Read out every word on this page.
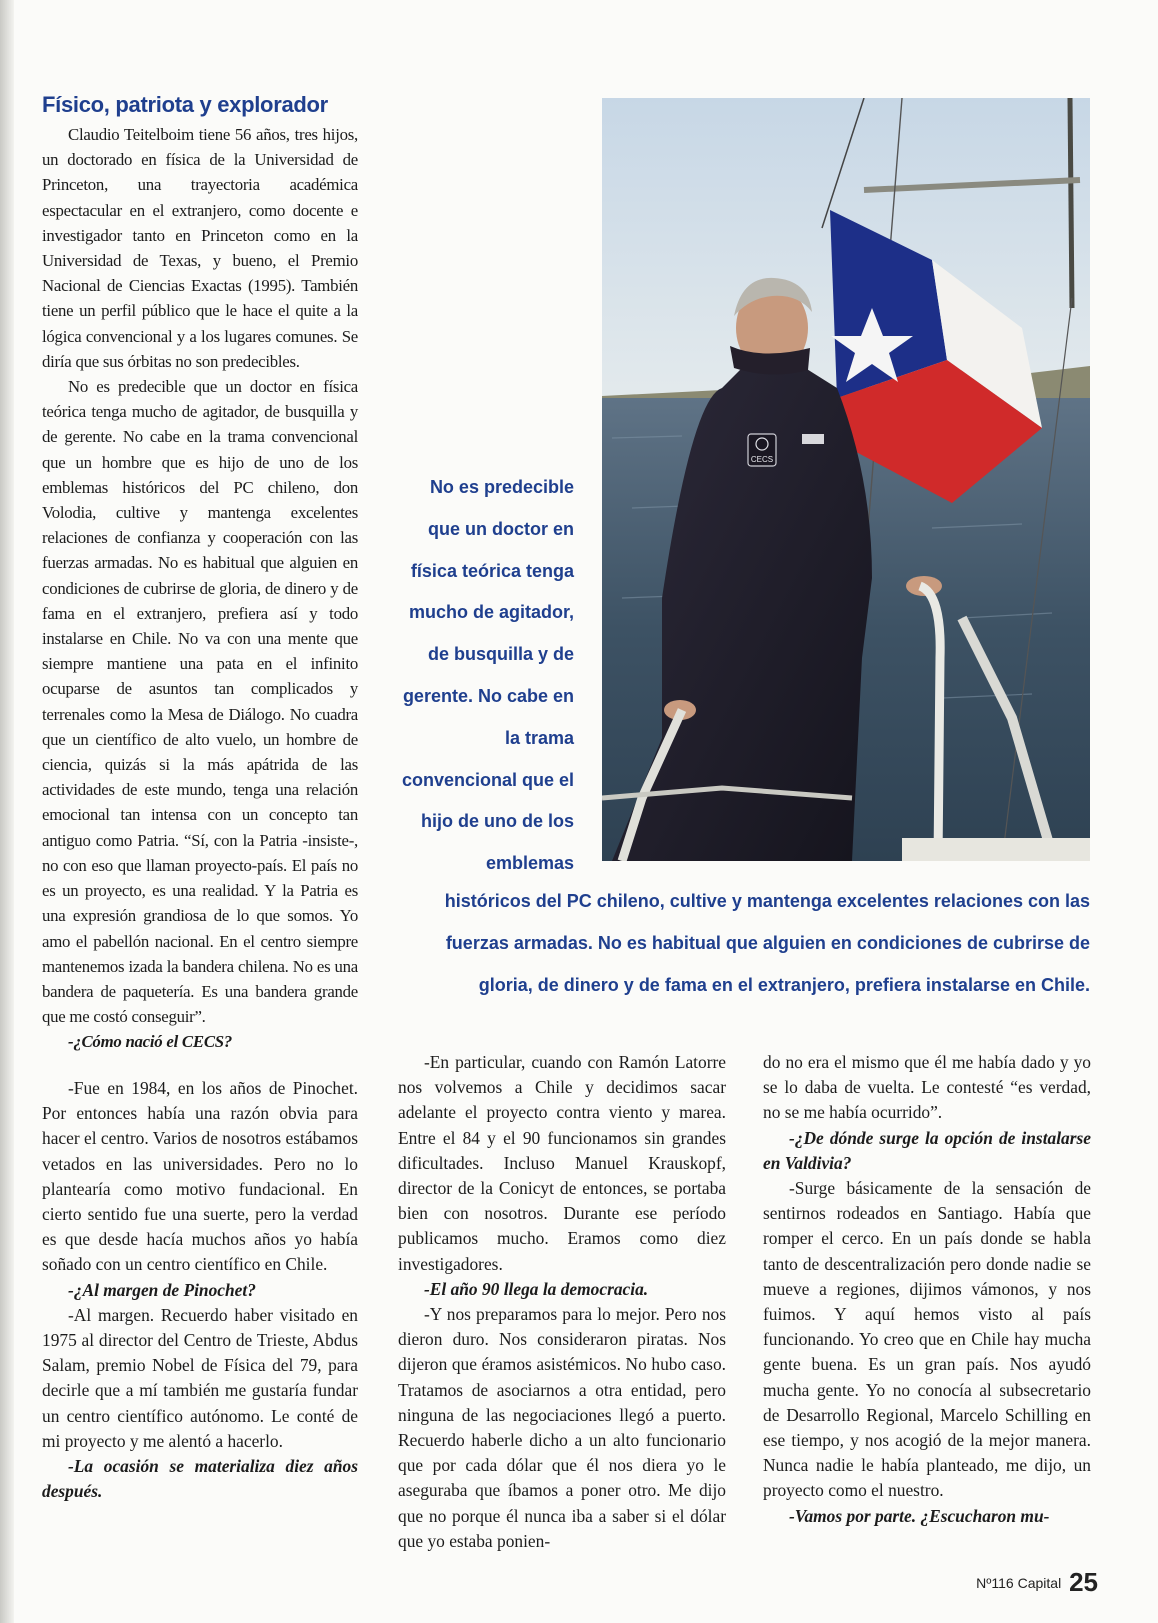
Físico, patriota y explorador

Claudio Teitelboim tiene 56 años, tres hijos, un doctorado en física de la Universidad de Princeton, una trayectoria académica espectacular en el extranjero, como docente e investigador tanto en Princeton como en la Universidad de Texas, y bueno, el Premio Nacional de Ciencias Exactas (1995). También tiene un perfil público que le hace el quite a la lógica convencional y a los lugares comunes. Se diría que sus órbitas no son predecibles.

No es predecible que un doctor en física teórica tenga mucho de agitador, de busquilla y de gerente. No cabe en la trama convencional que un hombre que es hijo de uno de los emblemas históricos del PC chileno, don Volodia, cultive y mantenga excelentes relaciones de confianza y cooperación con las fuerzas armadas. No es habitual que alguien en condiciones de cubrirse de gloria, de dinero y de fama en el extranjero, prefiera así y todo instalarse en Chile. No va con una mente que siempre mantiene una pata en el infinito ocuparse de asuntos tan complicados y terrenales como la Mesa de Diálogo. No cuadra que un científico de alto vuelo, un hombre de ciencia, quizás si la más apátrida de las actividades de este mundo, tenga una relación emocional tan intensa con un concepto tan antiguo como Patria. “Sí, con la Patria -insiste-, no con eso que llaman proyecto-país. El país no es un proyecto, es una realidad. Y la Patria es una expresión grandiosa de lo que somos. Yo amo el pabellón nacional. En el centro siempre mantenemos izada la bandera chilena. No es una bandera de paquetería. Es una bandera grande que me costó conseguir”.

-¿Cómo nació el CECS?

-Fue en 1984, en los años de Pinochet. Por entonces había una razón obvia para hacer el centro. Varios de nosotros estábamos vetados en las universidades. Pero no lo plantearía como motivo fundacional. En cierto sentido fue una suerte, pero la verdad es que desde hacía muchos años yo había soñado con un centro científico en Chile.

-¿Al margen de Pinochet?

-Al margen. Recuerdo haber visitado en 1975 al director del Centro de Trieste, Abdus Salam, premio Nobel de Física del 79, para decirle que a mí también me gustaría fundar un centro científico autónomo. Le conté de mi proyecto y me alentó a hacerlo.

-La ocasión se materializa diez años después.

-En particular, cuando con Ramón Latorre nos volvemos a Chile y decidimos sacar adelante el proyecto contra viento y marea. Entre el 84 y el 90 funcionamos sin grandes dificultades. Incluso Manuel Krauskopf, director de la Conicyt de entonces, se portaba bien con nosotros. Durante ese período publicamos mucho. Eramos como diez investigadores.

-El año 90 llega la democracia.

-Y nos preparamos para lo mejor. Pero nos dieron duro. Nos consideraron piratas. Nos dijeron que éramos asistémicos. No hubo caso. Tratamos de asociarnos a otra entidad, pero ninguna de las negociaciones llegó a puerto. Recuerdo haberle dicho a un alto funcionario que por cada dólar que él nos diera yo le aseguraba que íbamos a poner otro. Me dijo que no porque él nunca iba a saber si el dólar que yo estaba ponien-

do no era el mismo que él me había dado y yo se lo daba de vuelta. Le contesté “es verdad, no se me había ocurrido”.

-¿De dónde surge la opción de instalarse en Valdivia?

-Surge básicamente de la sensación de sentirnos rodeados en Santiago. Había que romper el cerco. En un país donde se habla tanto de descentralización pero donde nadie se mueve a regiones, dijimos vámonos, y nos fuimos. Y aquí hemos visto al país funcionando. Yo creo que en Chile hay mucha gente buena. Es un gran país. Nos ayudó mucha gente. Yo no conocía al subsecretario de Desarrollo Regional, Marcelo Schilling en ese tiempo, y nos acogió de la mejor manera. Nunca nadie le había planteado, me dijo, un proyecto como el nuestro.

-Vamos por parte. ¿Escucharon mu-

CECS

No es predecible que un doctor en física teórica tenga mucho de agitador, de busquilla y de gerente. No cabe en la trama convencional que el hijo de uno de los emblemas

históricos del PC chileno, cultive y mantenga excelentes relaciones con las fuerzas armadas. No es habitual que alguien en condiciones de cubrirse de gloria, de dinero y de fama en el extranjero, prefiera instalarse en Chile.

Nº116 Capital 25
